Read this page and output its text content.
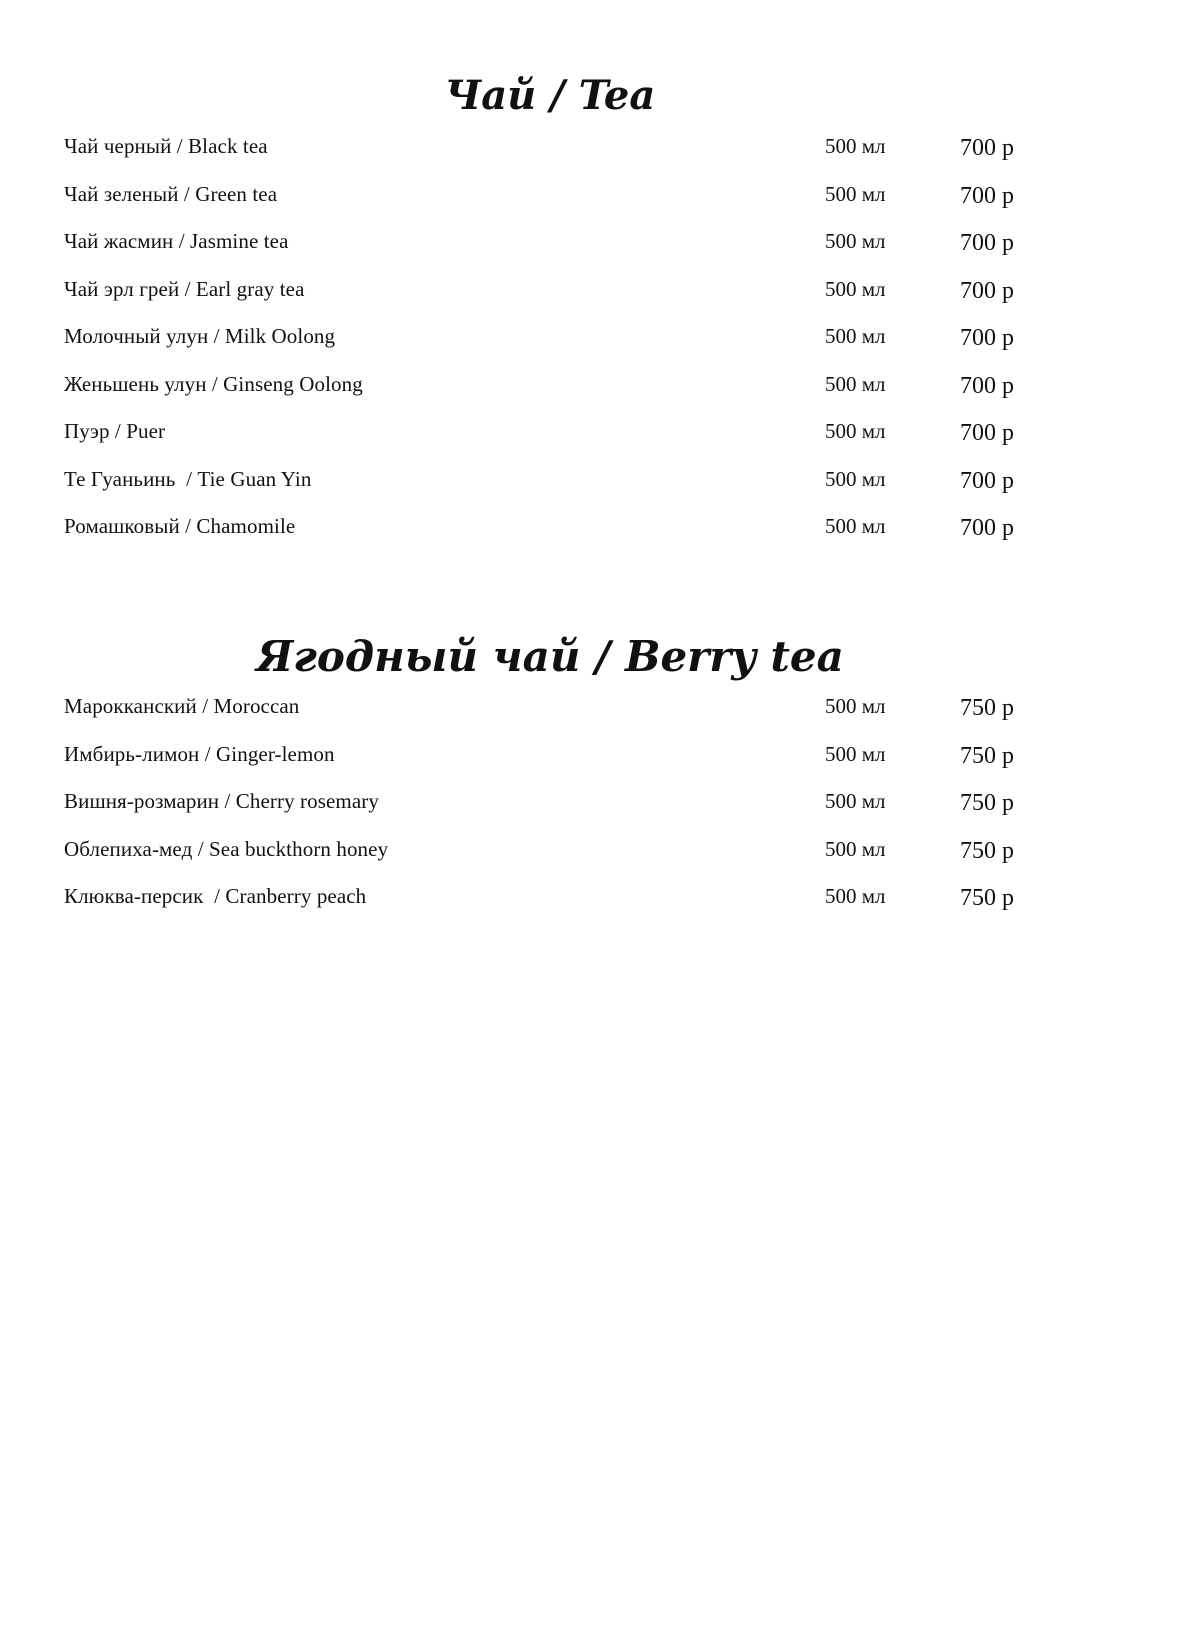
Чай / Tea
Чай черный / Black tea	500 мл	700 р
Чай зеленый / Green tea	500 мл	700 р
Чай жасмин / Jasmine tea	500 мл	700 р
Чай эрл грей / Earl gray tea	500 мл	700 р
Молочный улун / Milk Oolong	500 мл	700 р
Женьшень улун / Ginseng Oolong	500 мл	700 р
Пуэр / Puer	500 мл	700 р
Те Гуаньинь  / Tie Guan Yin	500 мл	700 р
Ромашковый / Chamomile	500 мл	700 р
Ягодный чай / Berry tea
Марокканский / Moroccan	500 мл	750 р
Имбирь-лимон / Ginger-lemon	500 мл	750 р
Вишня-розмарин / Cherry rosemary	500 мл	750 р
Облепиха-мед / Sea buckthorn honey	500 мл	750 р
Клюква-персик  / Cranberry peach	500 мл	750 р
